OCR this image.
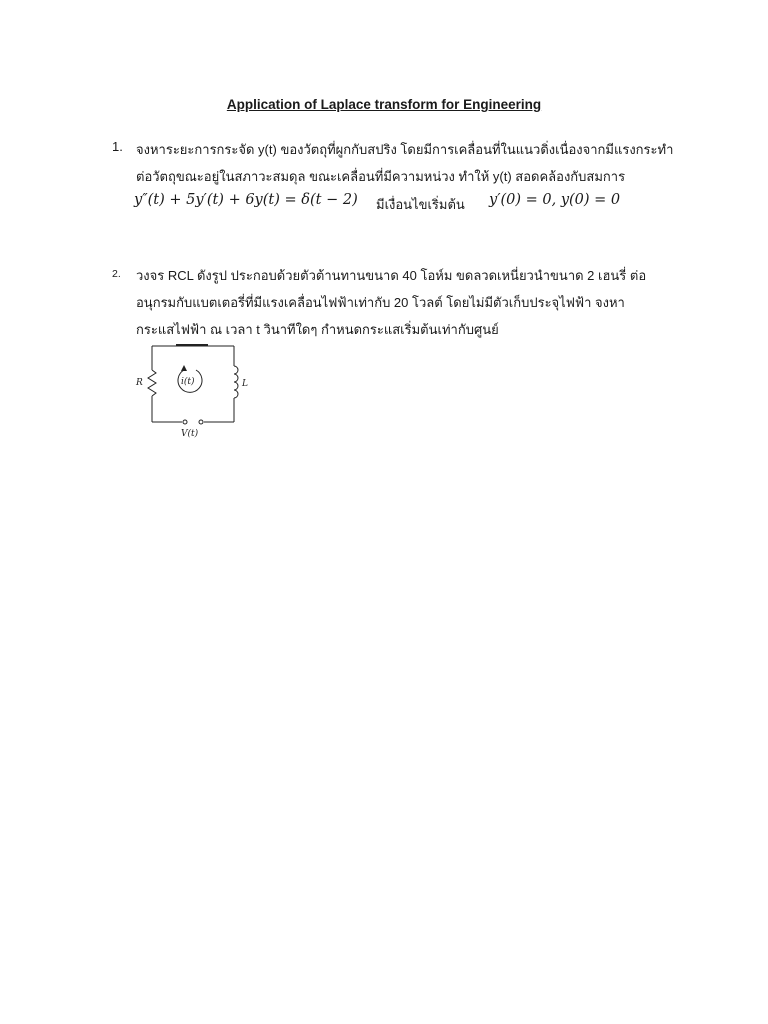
Application of Laplace transform for Engineering
1. จงหาระยะการกระจัด y(t) ของวัตถุที่ผูกกับสปริง โดยมีการเคลื่อนที่ในแนวดิ่งเนื่องจากมีแรงกระทำ
ต่อวัตถุขณะอยู่ในสภาวะสมดุล ขณะเคลื่อนที่มีความหน่วง ทำให้ y(t) สอดคล้องกับสมการ
y″(t) + 5y′(t) + 6y(t) = δ(t − 2) มีเงื่อนไขเริ่มต้น y′(0) = 0, y(0) = 0
2. วงจร RCL ดังรูป ประกอบด้วยตัวต้านทานขนาด 40 โอห์ม ขดลวดเหนี่ยวนำขนาด 2 เฮนรี่ ต่อ
อนุกรมกับแบตเตอรี่ที่มีแรงเคลื่อนไฟฟ้าเท่ากับ 20 โวลต์ โดยไม่มีตัวเก็บประจุไฟฟ้า จงหา
กระแสไฟฟ้า ณ เวลา t วินาทีใดๆ กำหนดกระแสเริ่มต้นเท่ากับศูนย์
R	L
i(t)
V(t)
